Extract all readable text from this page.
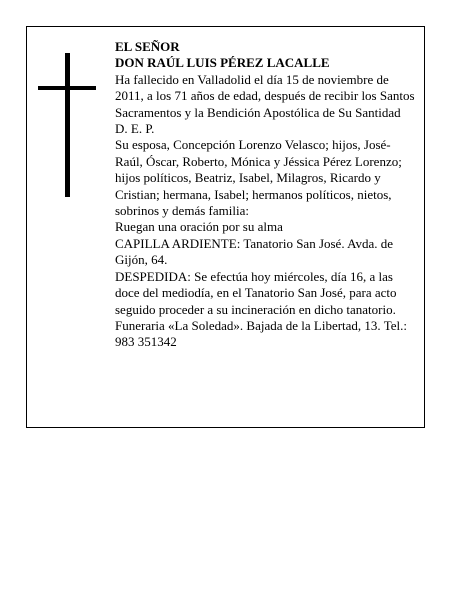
EL SEÑOR

DON RAÚL LUIS PÉREZ LACALLE

Ha fallecido en Valladolid el día 15 de noviembre de 2011, a los 71 años de edad, después de recibir los Santos Sacramentos y la Bendición Apostólica de Su Santidad

D. E. P.

Su esposa, Concepción Lorenzo Velasco; hijos, José-Raúl, Óscar, Roberto, Mónica y Jéssica Pérez Lorenzo; hijos políticos, Beatriz, Isabel, Milagros, Ricardo y Cristian; hermana, Isabel; hermanos políticos, nietos, sobrinos y demás familia:

Ruegan una oración por su alma

CAPILLA ARDIENTE: Tanatorio San José. Avda. de Gijón, 64.

DESPEDIDA: Se efectúa hoy miércoles, día 16, a las doce del mediodía, en el Tanatorio San José, para acto seguido proceder a su incineración en dicho tanatorio.

Funeraria «La Soledad». Bajada de la Libertad, 13. Tel.: 983 351342
